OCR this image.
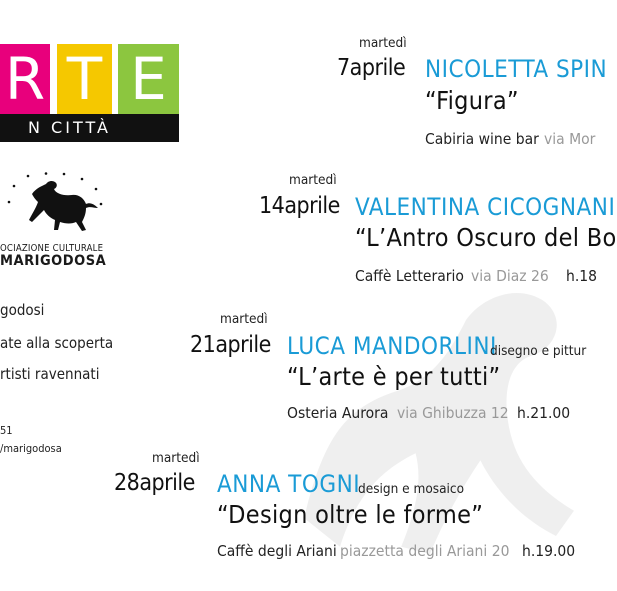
R T E
N CITTÀ
OCIAZIONE CULTURALE
MARIGODOSA
godosi
ate alla scoperta
rtisti ravennati
51
/marigodosa
martedì
7aprile NICOLETTA SPIN
“Figura”
Cabiria wine bar via Mor
martedì
14aprile VALENTINA CICOGNANI
“L’Antro Oscuro del Bo
Caffè Letterario via Diaz 26 h.18
martedì
21aprile LUCA MANDORLINI
disegno e pittur
“L’arte è per tutti”
Osteria Aurora via Ghibuzza 12 h.21.00
martedì
28aprile ANNA TOGNI
design e mosaico
“Design oltre le forme”
Caffè degli Ariani piazzetta degli Ariani 20 h.19.00
